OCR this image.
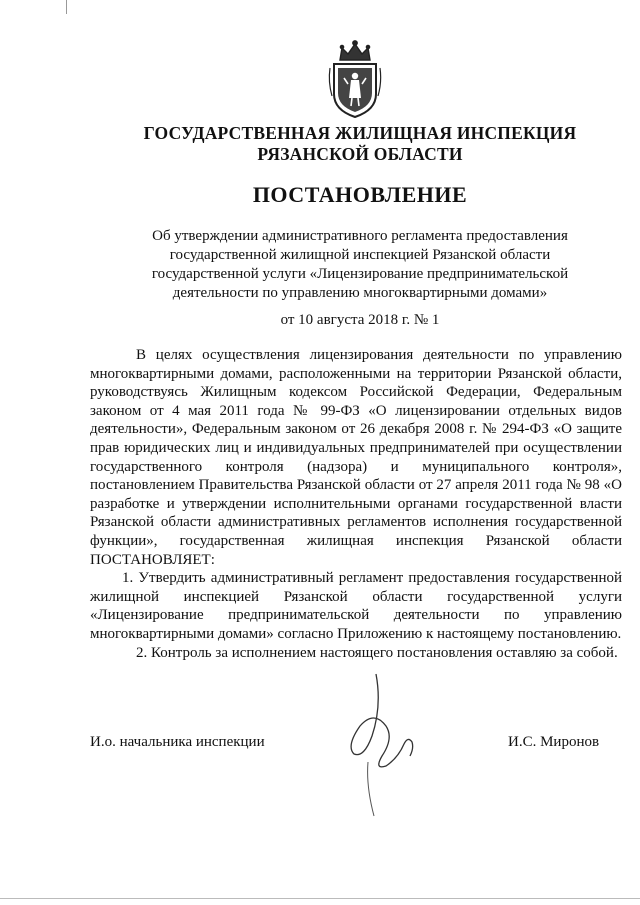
ГОСУДАРСТВЕННАЯ ЖИЛИЩНАЯ ИНСПЕКЦИЯ
РЯЗАНСКОЙ ОБЛАСТИ
ПОСТАНОВЛЕНИЕ
Об утверждении административного регламента предоставления
государственной жилищной инспекцией Рязанской области
государственной услуги «Лицензирование предпринимательской
деятельности по управлению многоквартирными домами»
от 10 августа 2018 г. № 1

В целях осуществления лицензирования деятельности по управлению многоквартирными домами, расположенными на территории Рязанской области, руководствуясь Жилищным кодексом Российской Федерации, Федеральным законом от 4 мая 2011 года № 99-ФЗ «О лицензировании отдельных видов деятельности», Федеральным законом от 26 декабря 2008 г. № 294-ФЗ «О защите прав юридических лиц и индивидуальных предпринимателей при осуществлении государственного контроля (надзора) и муниципального контроля», постановлением Правительства Рязанской области от 27 апреля 2011 года № 98 «О разработке и утверждении исполнительными органами государственной власти Рязанской области административных регламентов исполнения государственной функции», государственная жилищная инспекция Рязанской области ПОСТАНОВЛЯЕТ:

1. Утвердить административный регламент предоставления государственной жилищной инспекцией Рязанской области государственной услуги «Лицензирование предпринимательской деятельности по управлению многоквартирными домами» согласно Приложению к настоящему постановлению.

2. Контроль за исполнением настоящего постановления оставляю за собой.

И.о. начальника инспекции	И.С. Миронов
